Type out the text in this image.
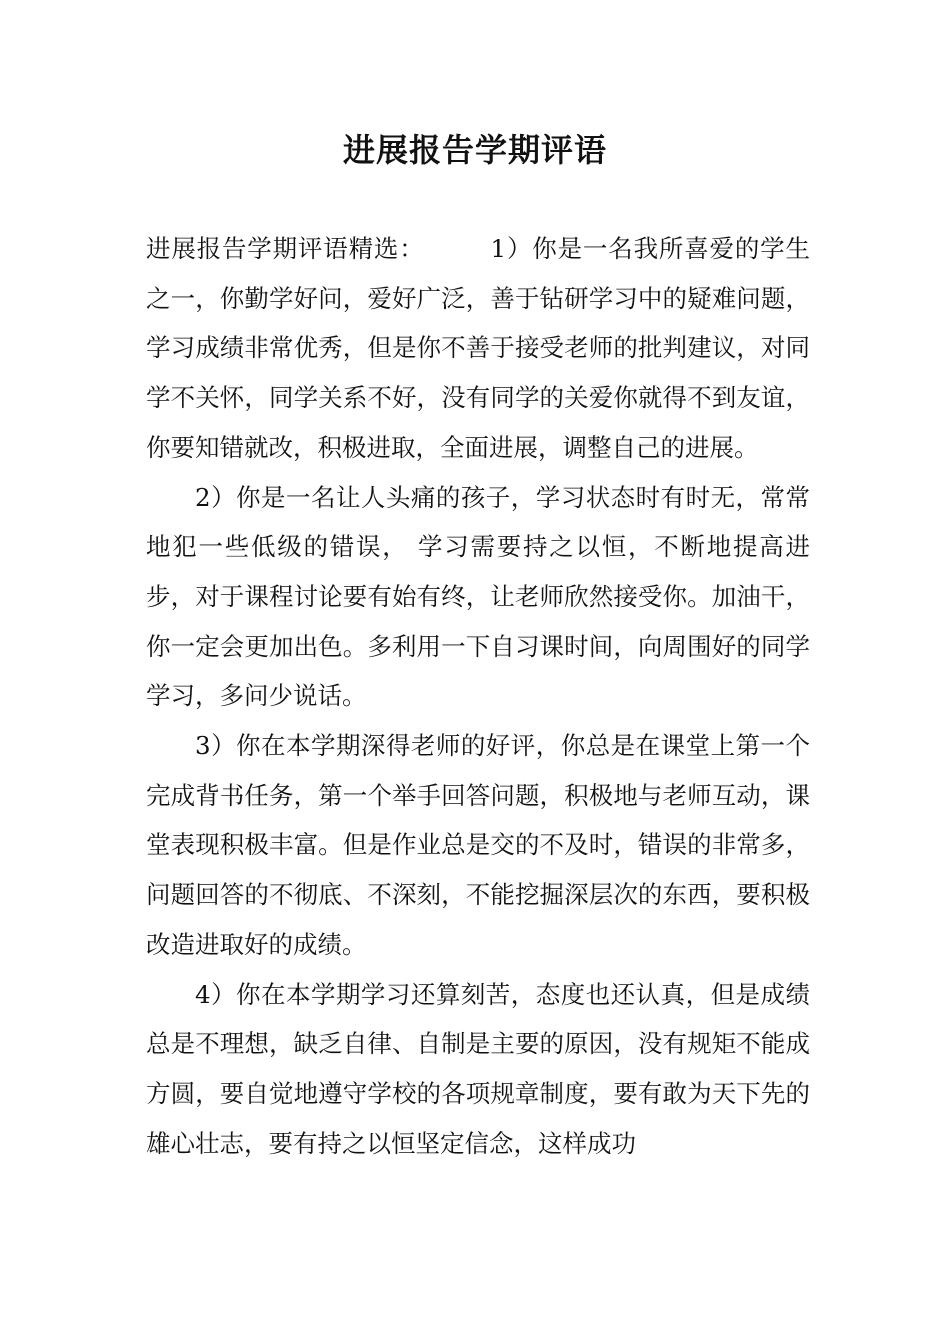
进展报告学期评语

进展报告学期评语精选：	1）你是一名我所喜爱的学生之一，你勤学好问，爱好广泛，善于钻研学习中的疑难问题，学习成绩非常优秀，但是你不善于接受老师的批判建议，对同学不关怀，同学关系不好，没有同学的关爱你就得不到友谊，你要知错就改，积极进取，全面进展，调整自己的进展。

2）你是一名让人头痛的孩子，学习状态时有时无，常常地犯一些低级的错误， 学习需要持之以恒，不断地提高进步，对于课程讨论要有始有终，让老师欣然接受你。加油干，你一定会更加出色。多利用一下自习课时间，向周围好的同学学习，多问少说话。

3）你在本学期深得老师的好评，你总是在课堂上第一个完成背书任务，第一个举手回答问题，积极地与老师互动，课堂表现积极丰富。但是作业总是交的不及时，错误的非常多，问题回答的不彻底、不深刻，不能挖掘深层次的东西，要积极改造进取好的成绩。

4）你在本学期学习还算刻苦，态度也还认真，但是成绩总是不理想，缺乏自律、自制是主要的原因，没有规矩不能成方圆，要自觉地遵守学校的各项规章制度，要有敢为天下先的雄心壮志，要有持之以恒坚定信念，这样成功
